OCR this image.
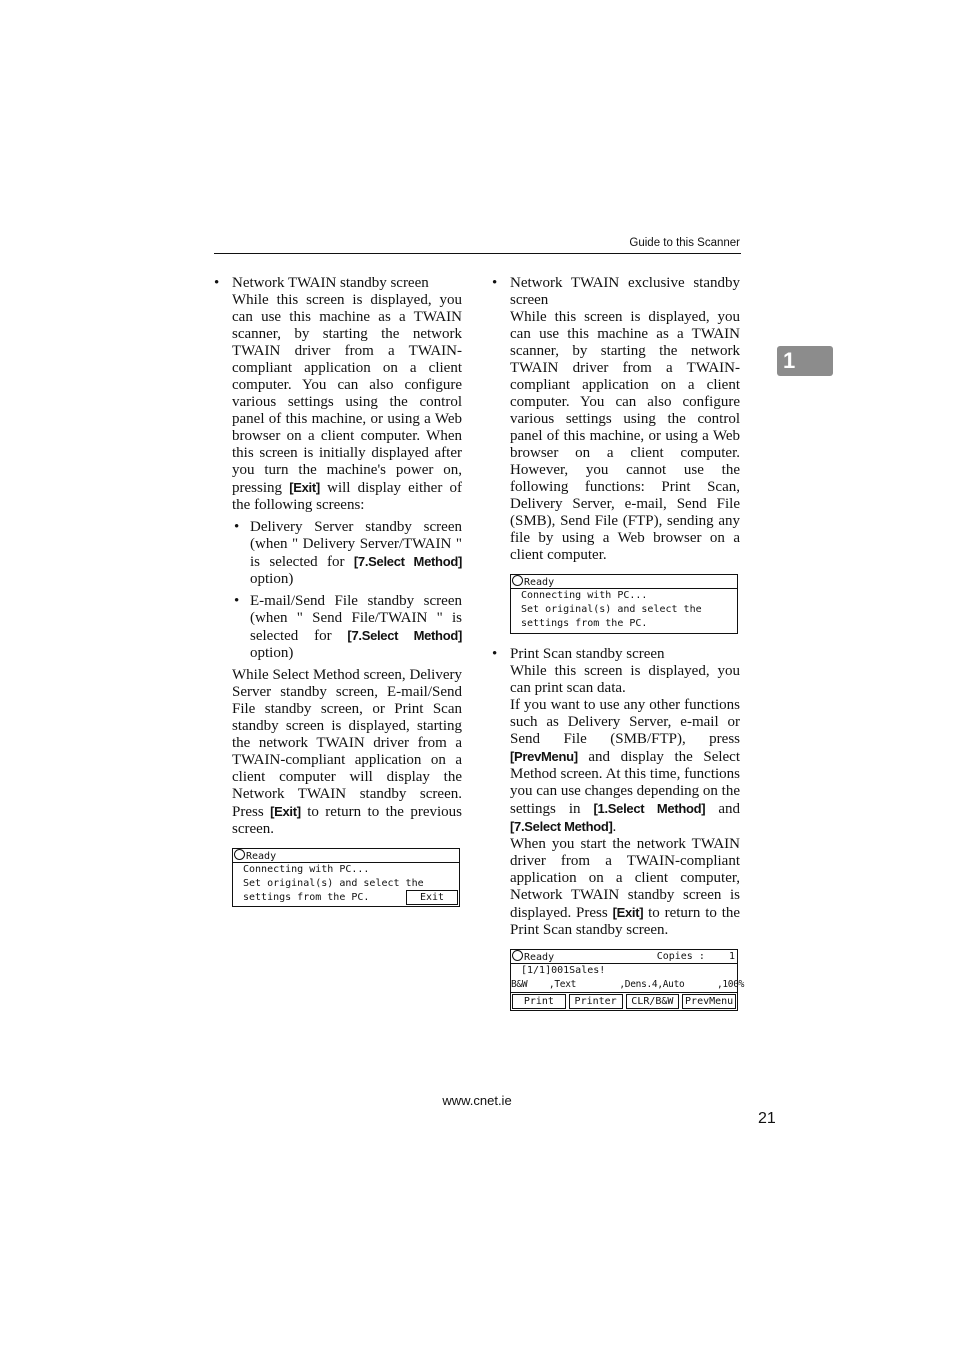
Guide to this Scanner
1
• Network TWAIN standby screen

While this screen is displayed, you can use this machine as a TWAIN scanner, by starting the network TWAIN driver from a TWAIN-compliant application on a client computer. You can also configure various settings using the control panel of this machine, or using a Web browser on a client computer. When this screen is initially displayed after you turn the machine's power on, pressing [Exit] will display either of the following screens:

• Delivery Server standby screen (when " Delivery Server/TWAIN " is selected for [7.Select Method] option)
• E-mail/Send File standby screen (when " Send File/TWAIN " is selected for [7.Select Method] option)

While Select Method screen, Delivery Server standby screen, E-mail/Send File standby screen, or Print Scan standby screen is displayed, starting the network TWAIN driver from a TWAIN-compliant application on a client computer will display the Network TWAIN standby screen. Press [Exit] to return to the previous screen.

Ready
Connecting with PC...
Set original(s) and select the
settings from the PC.	Exit
• Network TWAIN exclusive standby screen

While this screen is displayed, you can use this machine as a TWAIN scanner, by starting the network TWAIN driver from a TWAIN-compliant application on a client computer. You can also configure various settings using the control panel of this machine, or using a Web browser on a client computer. However, you cannot use the following functions: Print Scan, Delivery Server, e-mail, Send File (SMB), Send File (FTP), sending any file by using a Web browser on a client computer.

Ready
Connecting with PC...
Set original(s) and select the
settings from the PC.
• Print Scan standby screen

While this screen is displayed, you can print scan data.

If you want to use any other functions such as Delivery Server, e-mail or Send File (SMB/FTP), press [PrevMenu] and display the Select Method screen. At this time, functions you can use changes depending on the settings in [1.Select Method] and [7.Select Method].

When you start the network TWAIN driver from a TWAIN-compliant application on a client computer, Network TWAIN standby screen is displayed. Press [Exit] to return to the Print Scan standby screen.

Ready	Copies : 1
[1/1]001Sales!
B&W    ,Text        ,Dens.4,Auto      ,100%
Print	Printer	CLR/B&W	PrevMenu
www.cnet.ie
21
